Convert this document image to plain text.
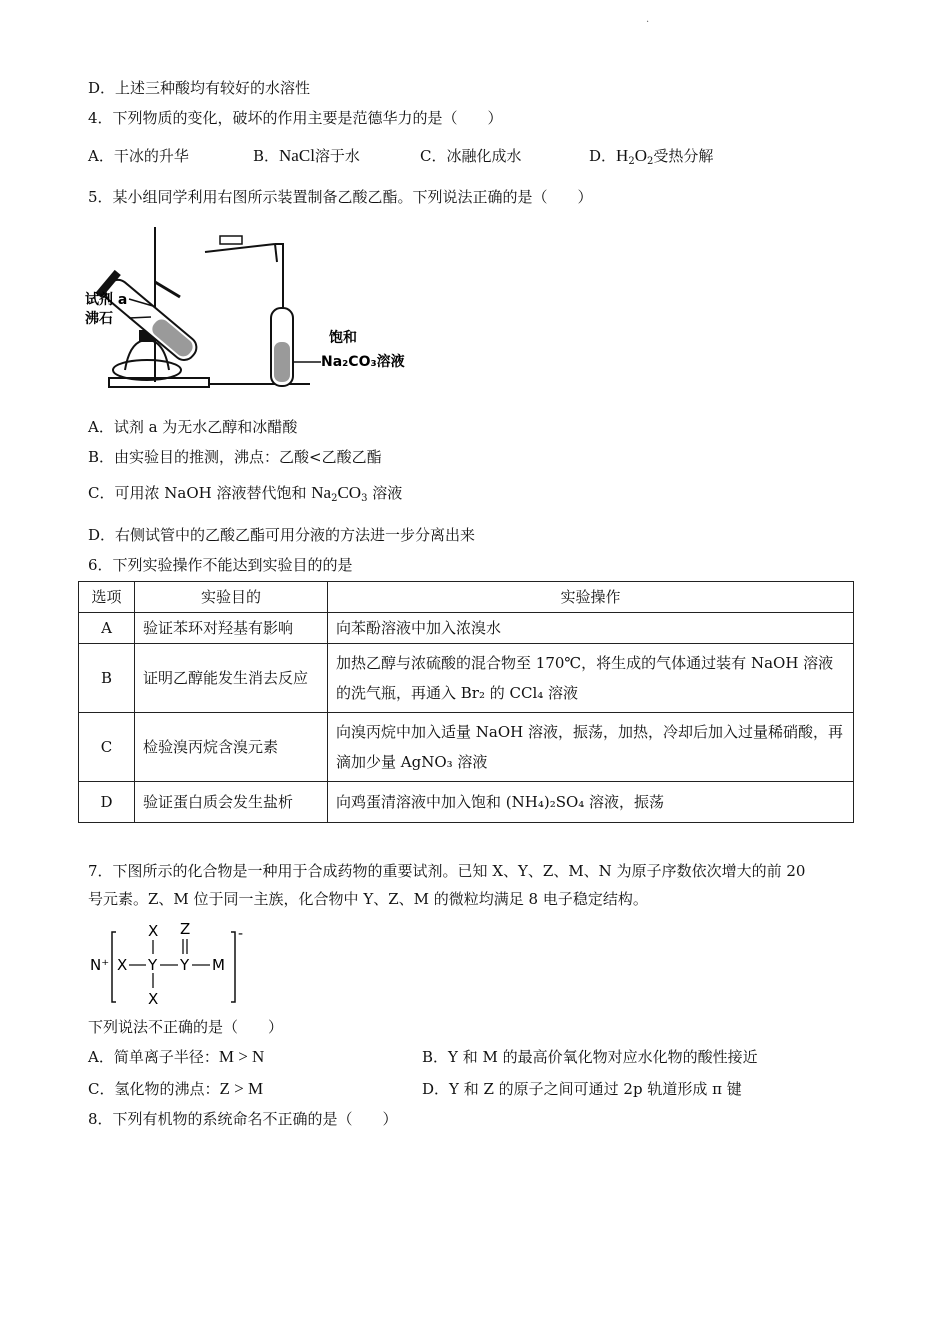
.
D．上述三种酸均有较好的水溶性
4．下列物质的变化，破坏的作用主要是范德华力的是（　　）
A．干冰的升华	B．NaCl溶于水	C．冰融化成水	D．$H_2O_2$受热分解
5．某小组同学利用右图所示装置制备乙酸乙酯。下列说法正确的是（　　）
试剂 a
沸石
饱和
Na₂CO₃溶液
A．试剂 a 为无水乙醇和冰醋酸
B．由实验目的推测，沸点：乙酸<乙酸乙酯
C．可用浓 NaOH 溶液替代饱和 $Na_2CO_3$ 溶液
D．右侧试管中的乙酸乙酯可用分液的方法进一步分离出来
6．下列实验操作不能达到实验目的的是
选项	实验目的	实验操作
A	验证苯环对羟基有影响	向苯酚溶液中加入浓溴水
B	证明乙醇能发生消去反应	加热乙醇与浓硫酸的混合物至 170℃，将生成的气体通过装有 NaOH 溶液的洗气瓶，再通入 Br₂ 的 CCl₄ 溶液
C	检验溴丙烷含溴元素	向溴丙烷中加入适量 NaOH 溶液，振荡，加热，冷却后加入过量稀硝酸，再滴加少量 AgNO₃ 溶液
D	验证蛋白质会发生盐析	向鸡蛋清溶液中加入饱和 (NH₄)₂SO₄ 溶液，振荡
7．下图所示的化合物是一种用于合成药物的重要试剂。已知 X、Y、Z、M、N 为原子序数依次增大的前 20
号元素。Z、M 位于同一主族，化合物中 Y、Z、M 的微粒均满足 8 电子稳定结构。
N⁺
-
X Y Y M
X
X
Z
下列说法不正确的是（　　）
A．简单离子半径：M > N	B．Y 和 M 的最高价氧化物对应水化物的酸性接近
C．氢化物的沸点：Z > M	D．Y 和 Z 的原子之间可通过 2p 轨道形成 π 键
8．下列有机物的系统命名不正确的是（　　）
